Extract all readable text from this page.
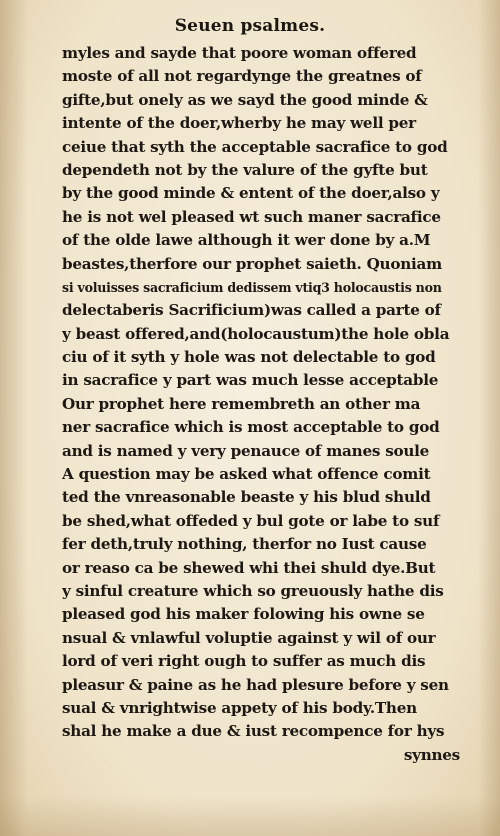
Seuen psalmes.
myles and sayde that poore woman offered
moste of all not regardynge the greatnes of
gifte,but onely as we sayd the good minde &
intente of the doer,wherby he may well per
ceiue that syth the acceptable sacrafice to god
dependeth not by the valure of the gyfte but
by the good minde & entent of the doer,also y
he is not wel pleased wt such maner sacrafice
of the olde lawe although it wer done by a.M
beastes,therfore our prophet saieth. Quoniam
si voluisses sacraficium dedissem vtiq3 holocaustis non
delectaberis Sacrificium)was called a parte of
y beast offered,and(holocaustum)the hole obla
ciu of it syth y hole was not delectable to god
in sacrafice y part was much lesse acceptable
Our prophet here remembreth an other ma
ner sacrafice which is most acceptable to god
and is named y very penauce of manes soule
A question may be asked what offence comit
ted the vnreasonable beaste y his blud shuld
be shed,what offeded y bul gote or labe to suf
fer deth,truly nothing, therfor no Iust cause
or reaso ca be shewed whi thei shuld dye.But
y sinful creature which so greuously hathe dis
pleased god his maker folowing his owne se
nsual & vnlawful voluptie against y wil of our
lord of veri right ough to suffer as much dis
pleasur & paine as he had plesure before y sen
sual & vnrightwise appety of his body.Then
shal he make a due & iust recompence for hys
synnes
